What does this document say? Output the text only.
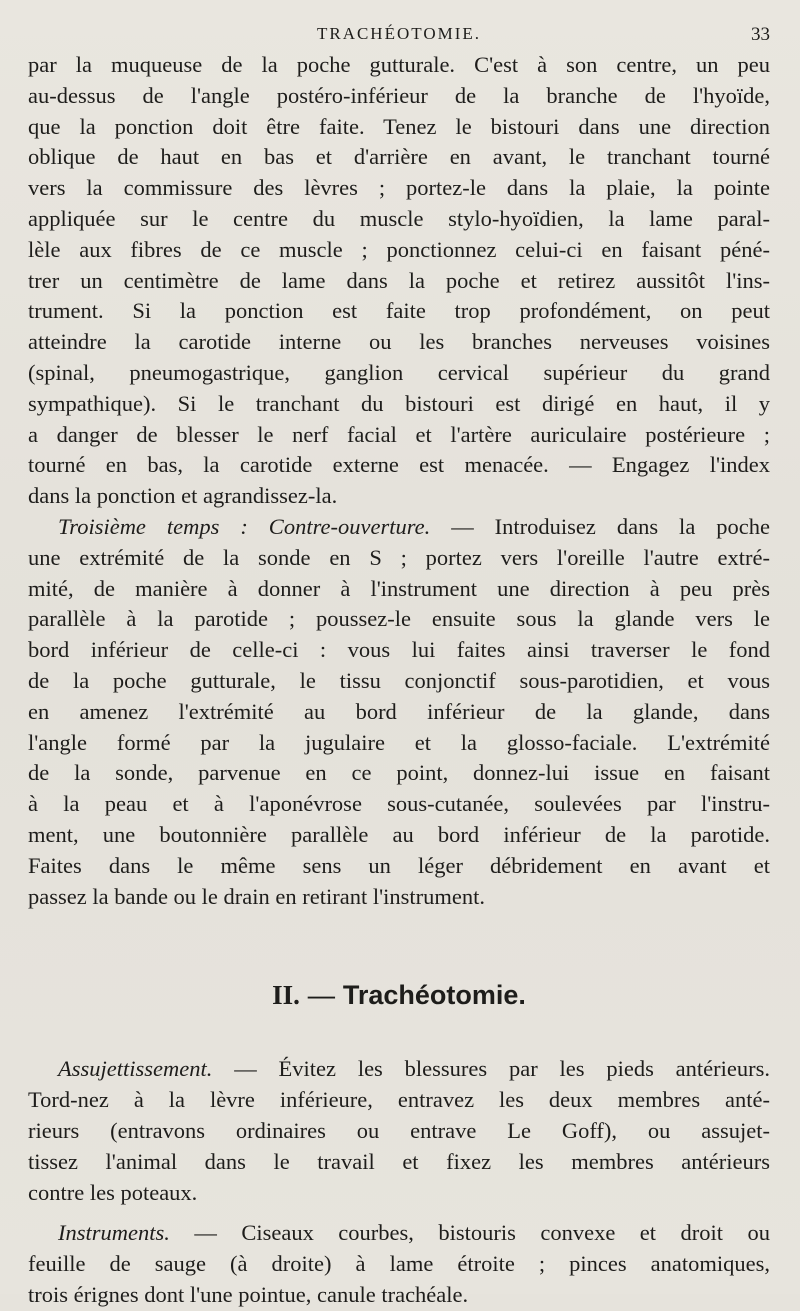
TRACHÉOTOMIE.	33

par la muqueuse de la poche gutturale. C'est à son centre, un peu
au-dessus de l'angle postéro-inférieur de la branche de l'hyoïde,
que la ponction doit être faite. Tenez le bistouri dans une direction
oblique de haut en bas et d'arrière en avant, le tranchant tourné
vers la commissure des lèvres ; portez-le dans la plaie, la pointe
appliquée sur le centre du muscle stylo-hyoïdien, la lame paral-
lèle aux fibres de ce muscle ; ponctionnez celui-ci en faisant péné-
trer un centimètre de lame dans la poche et retirez aussitôt l'ins-
trument. Si la ponction est faite trop profondément, on peut
atteindre la carotide interne ou les branches nerveuses voisines
(spinal, pneumogastrique, ganglion cervical supérieur du grand
sympathique). Si le tranchant du bistouri est dirigé en haut, il y
a danger de blesser le nerf facial et l'artère auriculaire postérieure ;
tourné en bas, la carotide externe est menacée. — Engagez l'index
dans la ponction et agrandissez-la.

Troisième temps : Contre-ouverture. — Introduisez dans la poche
une extrémité de la sonde en S ; portez vers l'oreille l'autre extré-
mité, de manière à donner à l'instrument une direction à peu près
parallèle à la parotide ; poussez-le ensuite sous la glande vers le
bord inférieur de celle-ci : vous lui faites ainsi traverser le fond
de la poche gutturale, le tissu conjonctif sous-parotidien, et vous
en amenez l'extrémité au bord inférieur de la glande, dans
l'angle formé par la jugulaire et la glosso-faciale. L'extrémité
de la sonde, parvenue en ce point, donnez-lui issue en faisant
à la peau et à l'aponévrose sous-cutanée, soulevées par l'instru-
ment, une boutonnière parallèle au bord inférieur de la parotide.
Faites dans le même sens un léger débridement en avant et
passez la bande ou le drain en retirant l'instrument.

II. — Trachéotomie.

Assujettissement. — Évitez les blessures par les pieds antérieurs.
Tord-nez à la lèvre inférieure, entravez les deux membres anté-
rieurs (entravons ordinaires ou entrave Le Goff), ou assujet-
tissez l'animal dans le travail et fixez les membres antérieurs
contre les poteaux.

Instruments. — Ciseaux courbes, bistouris convexe et droit ou
feuille de sauge (à droite) à lame étroite ; pinces anatomiques,
trois érignes dont l'une pointue, canule trachéale.
